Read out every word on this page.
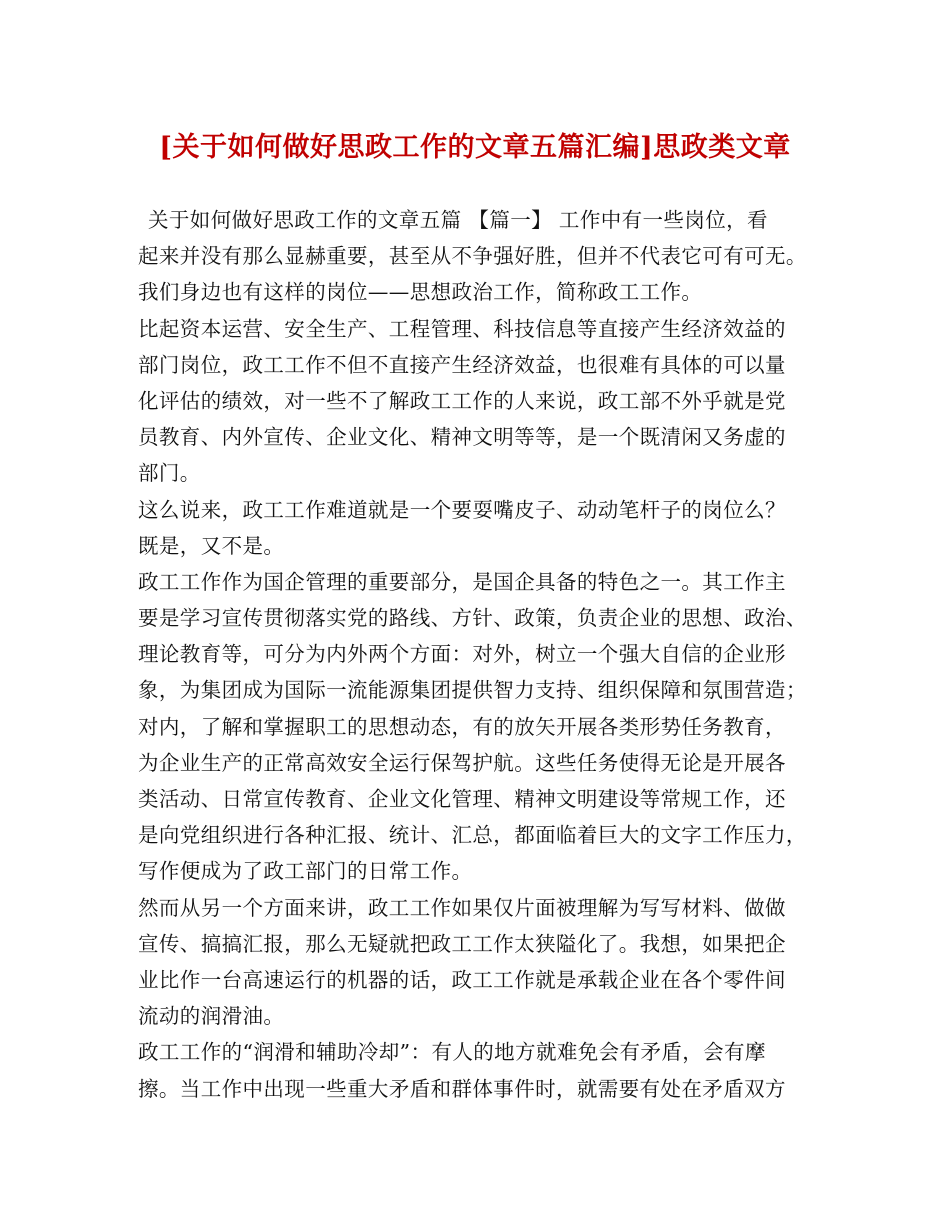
[关于如何做好思政工作的文章五篇汇编]思政类文章
关于如何做好思政工作的文章五篇 【篇一】 工作中有一些岗位，看
起来并没有那么显赫重要，甚至从不争强好胜，但并不代表它可有可无。
我们身边也有这样的岗位——思想政治工作，简称政工工作。
比起资本运营、安全生产、工程管理、科技信息等直接产生经济效益的
部门岗位，政工工作不但不直接产生经济效益，也很难有具体的可以量
化评估的绩效，对一些不了解政工工作的人来说，政工部不外乎就是党
员教育、内外宣传、企业文化、精神文明等等，是一个既清闲又务虚的
部门。
这么说来，政工工作难道就是一个要耍嘴皮子、动动笔杆子的岗位么？
既是，又不是。
政工工作作为国企管理的重要部分，是国企具备的特色之一。其工作主
要是学习宣传贯彻落实党的路线、方针、政策，负责企业的思想、政治、
理论教育等，可分为内外两个方面：对外，树立一个强大自信的企业形
象，为集团成为国际一流能源集团提供智力支持、组织保障和氛围营造；
对内，了解和掌握职工的思想动态，有的放矢开展各类形势任务教育，
为企业生产的正常高效安全运行保驾护航。这些任务使得无论是开展各
类活动、日常宣传教育、企业文化管理、精神文明建设等常规工作，还
是向党组织进行各种汇报、统计、汇总，都面临着巨大的文字工作压力，
写作便成为了政工部门的日常工作。
然而从另一个方面来讲，政工工作如果仅片面被理解为写写材料、做做
宣传、搞搞汇报，那么无疑就把政工工作太狭隘化了。我想，如果把企
业比作一台高速运行的机器的话，政工工作就是承载企业在各个零件间
流动的润滑油。
政工工作的“润滑和辅助冷却”：有人的地方就难免会有矛盾，会有摩
擦。当工作中出现一些重大矛盾和群体事件时，就需要有处在矛盾双方
